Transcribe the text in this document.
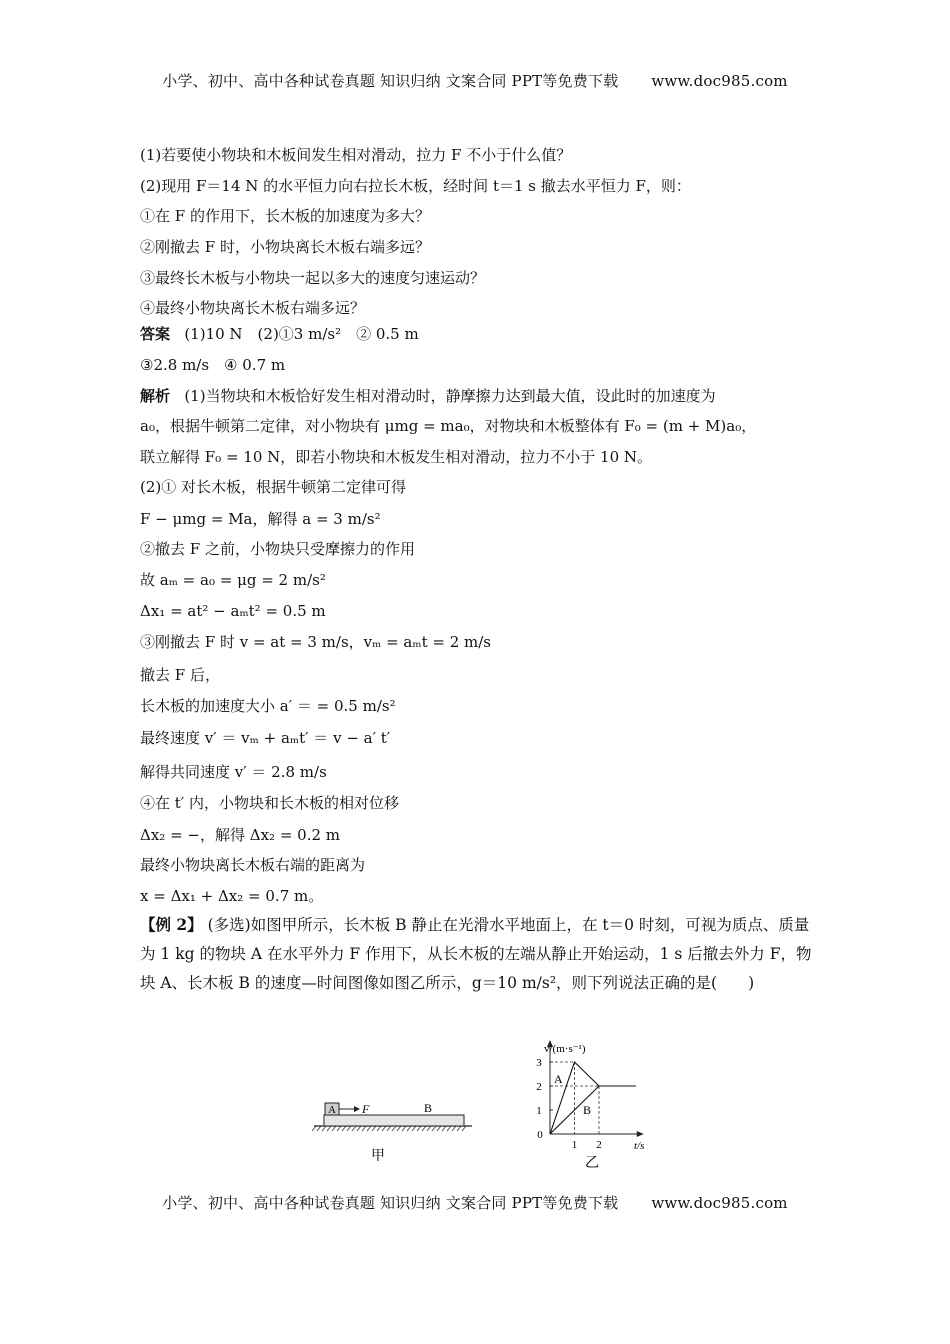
小学、初中、高中各种试卷真题 知识归纳 文案合同 PPT等免费下载 www.doc985.com
(1)若要使小物块和木板间发生相对滑动，拉力 F 不小于什么值？
(2)现用 F＝14 N 的水平恒力向右拉长木板，经时间 t＝1 s 撤去水平恒力 F，则：
①在 F 的作用下，长木板的加速度为多大？
②刚撤去 F 时，小物块离长木板右端多远？
③最终长木板与小物块一起以多大的速度匀速运动？
④最终小物块离长木板右端多远？
答案 (1)10 N　(2)①3 m/s²　② 0.5 m
③2.8 m/s　④ 0.7 m
解析 (1)当物块和木板恰好发生相对滑动时，静摩擦力达到最大值，设此时的加速度为
a₀，根据牛顿第二定律，对小物块有 μmg = ma₀，对物块和木板整体有 F₀ = (m + M)a₀，
联立解得 F₀ = 10 N，即若小物块和木板发生相对滑动，拉力不小于 10 N。
(2)① 对长木板，根据牛顿第二定律可得
F − μmg = Ma，解得 a = 3 m/s²
②撤去 F 之前，小物块只受摩擦力的作用
故 aₘ = a₀ = μg = 2 m/s²
Δx₁ = at² − aₘt² = 0.5 m
③刚撤去 F 时 v = at = 3 m/s，vₘ = aₘt = 2 m/s
撤去 F 后，
长木板的加速度大小 a′ ＝ = 0.5 m/s²
最终速度 v′ ＝ vₘ + aₘt′ ＝ v − a′ t′
解得共同速度 v′ ＝ 2.8 m/s
④在 t′ 内，小物块和长木板的相对位移
Δx₂ = −，解得 Δx₂ = 0.2 m
最终小物块离长木板右端的距离为
x = Δx₁ + Δx₂ = 0.7 m。
【例 2】 (多选)如图甲所示，长木板 B 静止在光滑水平地面上，在 t＝0 时刻，可视为质点、质量为 1 kg 的物块 A 在水平外力 F 作用下，从长木板的左端从静止开始运动，1 s 后撤去外力 F，物块 A、长木板 B 的速度—时间图像如图乙所示，g＝10 m/s²，则下列说法正确的是(　　)
A F	B
甲
0
1
2
3
1 2
v/(m·s⁻¹)
t/s
A
B
乙
小学、初中、高中各种试卷真题 知识归纳 文案合同 PPT等免费下载 www.doc985.com
